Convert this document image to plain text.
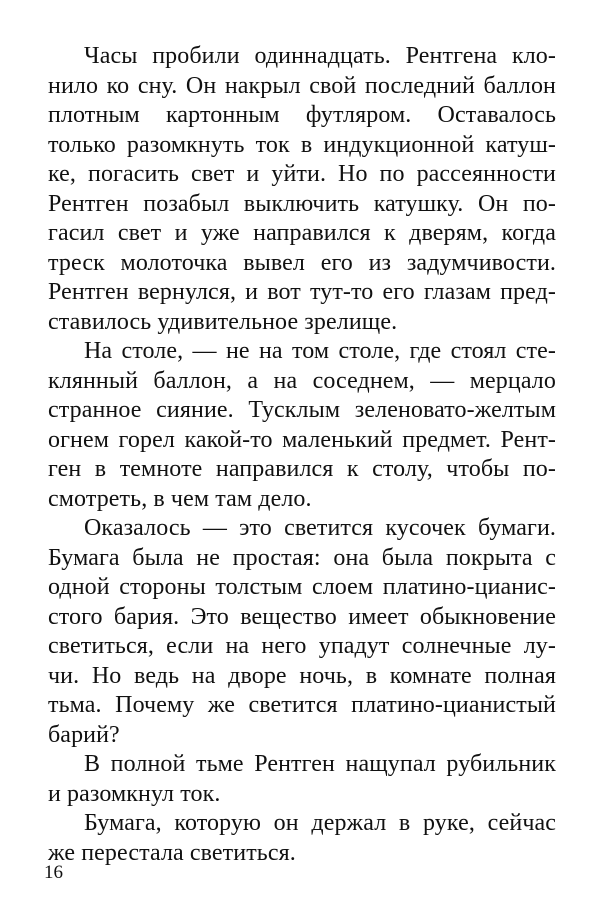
Часы пробили одиннадцать. Рентгена кло-
нило ко сну. Он накрыл свой последний баллон
плотным картонным футляром. Оставалось
только разомкнуть ток в индукционной катуш-
ке, погасить свет и уйти. Но по рассеянности
Рентген позабыл выключить катушку. Он по-
гасил свет и уже направился к дверям, когда
треск молоточка вывел его из задумчивости.
Рентген вернулся, и вот тут-то его глазам пред-
ставилось удивительное зрелище.
На столе, — не на том столе, где стоял сте-
клянный баллон, а на соседнем, — мерцало
странное сияние. Тусклым зеленовато-желтым
огнем горел какой-то маленький предмет. Рент-
ген в темноте направился к столу, чтобы по-
смотреть, в чем там дело.
Оказалось — это светится кусочек бумаги.
Бумага была не простая: она была покрыта с
одной стороны толстым слоем платино-цианис-
стого бария. Это вещество имеет обыкновение
светиться, если на него упадут солнечные лу-
чи. Но ведь на дворе ночь, в комнате полная
тьма. Почему же светится платино-цианистый
барий?
В полной тьме Рентген нащупал рубильник
и разомкнул ток.
Бумага, которую он держал в руке, сейчас
же перестала светиться.
16
